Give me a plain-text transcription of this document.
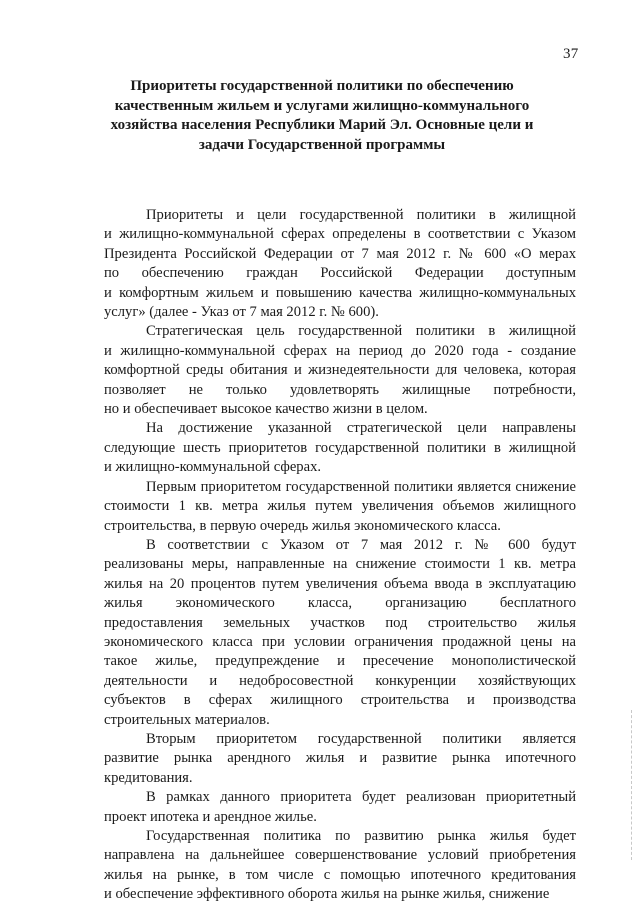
37
Приоритеты государственной политики по обеспечению
качественным жильем и услугами жилищно-коммунального
хозяйства населения Республики Марий Эл. Основные цели и
задачи Государственной программы
Приоритеты и цели государственной политики в жилищной
и жилищно-коммунальной сферах определены в соответствии с Указом
Президента Российской Федерации от 7 мая 2012 г. № 600 «О мерах
по обеспечению граждан Российской Федерации доступным
и комфортным жильем и повышению качества жилищно-коммунальных
услуг» (далее - Указ от 7 мая 2012 г. № 600).
Стратегическая цель государственной политики в жилищной
и жилищно-коммунальной сферах на период до 2020 года - создание
комфортной среды обитания и жизнедеятельности для человека, которая
позволяет не только удовлетворять жилищные потребности,
но и обеспечивает высокое качество жизни в целом.
На достижение указанной стратегической цели направлены
следующие шесть приоритетов государственной политики в жилищной
и жилищно-коммунальной сферах.
Первым приоритетом государственной политики является снижение
стоимости 1 кв. метра жилья путем увеличения объемов жилищного
строительства, в первую очередь жилья экономического класса.
В соответствии с Указом от 7 мая 2012 г. № 600 будут
реализованы меры, направленные на снижение стоимости 1 кв. метра
жилья на 20 процентов путем увеличения объема ввода в эксплуатацию
жилья экономического класса, организацию бесплатного
предоставления земельных участков под строительство жилья
экономического класса при условии ограничения продажной цены на
такое жилье, предупреждение и пресечение монополистической
деятельности и недобросовестной конкуренции хозяйствующих
субъектов в сферах жилищного строительства и производства
строительных материалов.
Вторым приоритетом государственной политики является
развитие рынка арендного жилья и развитие рынка ипотечного
кредитования.
В рамках данного приоритета будет реализован приоритетный
проект ипотека и арендное жилье.
Государственная политика по развитию рынка жилья будет
направлена на дальнейшее совершенствование условий приобретения
жилья на рынке, в том числе с помощью ипотечного кредитования
и обеспечение эффективного оборота жилья на рынке жилья, снижение
